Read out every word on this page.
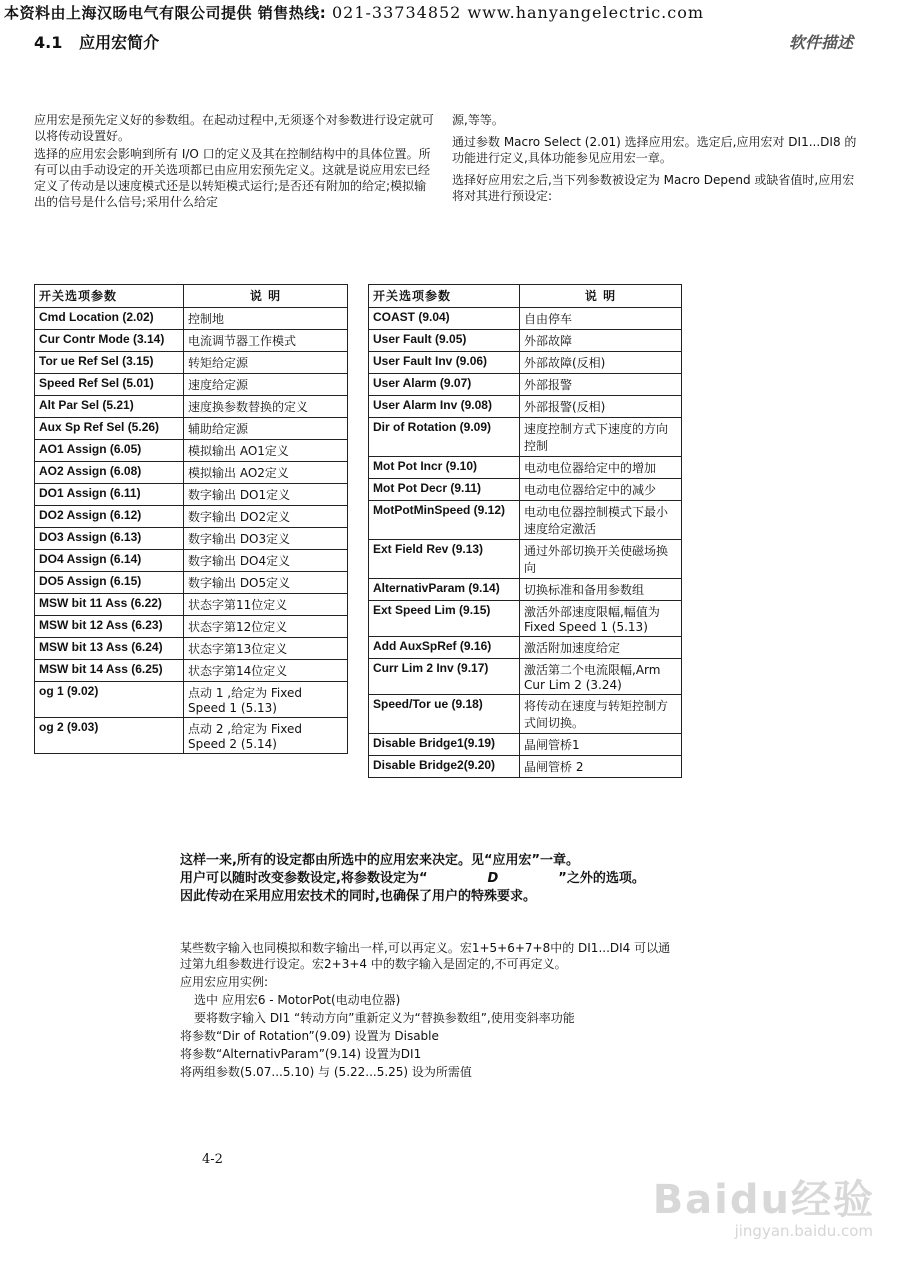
本资料由上海汉旸电气有限公司提供 销售热线: 021-33734852 www.hanyangelectric.com
4.1 应用宏简介	软件描述

应用宏是预先定义好的参数组。在起动过程中,无须逐个对参数进行设定就可以将传动设置好。

选择的应用宏会影响到所有 I/O 口的定义及其在控制结构中的具体位置。所有可以由手动设定的开关选项都已由应用宏预先定义。这就是说应用宏已经定义了传动是以速度模式还是以转矩模式运行;是否还有附加的给定;模拟输出的信号是什么信号;采用什么给定

源,等等。

通过参数 Macro Select (2.01) 选择应用宏。选定后,应用宏对 DI1...DI8 的功能进行定义,具体功能参见应用宏一章。

选择好应用宏之后,当下列参数被设定为 Macro Depend 或缺省值时,应用宏将对其进行预设定:

开关选项参数	说 明
Cmd Location (2.02)	控制地
Cur Contr Mode (3.14)	电流调节器工作模式
Tor ue Ref Sel (3.15)	转矩给定源
Speed Ref Sel (5.01)	速度给定源
Alt Par Sel (5.21)	速度换参数替换的定义
Aux Sp Ref Sel (5.26)	辅助给定源
AO1 Assign (6.05)	模拟输出 AO1定义
AO2 Assign (6.08)	模拟输出 AO2定义
DO1 Assign (6.11)	数字输出 DO1定义
DO2 Assign (6.12)	数字输出 DO2定义
DO3 Assign (6.13)	数字输出 DO3定义
DO4 Assign (6.14)	数字输出 DO4定义
DO5 Assign (6.15)	数字输出 DO5定义
MSW bit 11 Ass (6.22)	状态字第11位定义
MSW bit 12 Ass (6.23)	状态字第12位定义
MSW bit 13 Ass (6.24)	状态字第13位定义
MSW bit 14 Ass (6.25)	状态字第14位定义
og 1 (9.02)	点动 1 ,给定为 Fixed Speed 1 (5.13)
og 2 (9.03)	点动 2 ,给定为 Fixed Speed 2 (5.14)
开关选项参数	说 明
COAST (9.04)	自由停车
User Fault (9.05)	外部故障
User Fault Inv (9.06)	外部故障(反相)
User Alarm (9.07)	外部报警
User Alarm Inv (9.08)	外部报警(反相)
Dir of Rotation (9.09)	速度控制方式下速度的方向控制
Mot Pot Incr (9.10)	电动电位器给定中的增加
Mot Pot Decr (9.11)	电动电位器给定中的减少
MotPotMinSpeed (9.12)	电动电位器控制模式下最小速度给定激活
Ext Field Rev (9.13)	通过外部切换开关使磁场换向
AlternativParam (9.14)	切换标准和备用参数组
Ext Speed Lim (9.15)	激活外部速度限幅,幅值为 Fixed Speed 1 (5.13)
Add AuxSpRef (9.16)	激活附加速度给定
Curr Lim 2 Inv (9.17)	激活第二个电流限幅,Arm Cur Lim 2 (3.24)
Speed/Tor ue (9.18)	将传动在速度与转矩控制方式间切换。
Disable Bridge1(9.19)	晶闸管桥1
Disable Bridge2(9.20)	晶闸管桥 2
这样一来,所有的设定都由所选中的应用宏来决定。见“应用宏”一章。
用户可以随时改变参数设定,将参数设定为“	D	”之外的选项。
因此传动在采用应用宏技术的同时,也确保了用户的特殊要求。

某些数字输入也同模拟和数字输出一样,可以再定义。宏1+5+6+7+8中的 DI1...DI4 可以通过第九组参数进行设定。宏2+3+4 中的数字输入是固定的,不可再定义。

应用宏应用实例:

选中 应用宏6 - MotorPot(电动电位器)

要将数字输入 DI1 “转动方向”重新定义为“替换参数组”,使用变斜率功能

将参数“Dir of Rotation”(9.09) 设置为 Disable

将参数“AlternativParam”(9.14) 设置为DI1

将两组参数(5.07...5.10) 与 (5.22...5.25) 设为所需值

4-2
Baidu经验
jingyan.baidu.com
